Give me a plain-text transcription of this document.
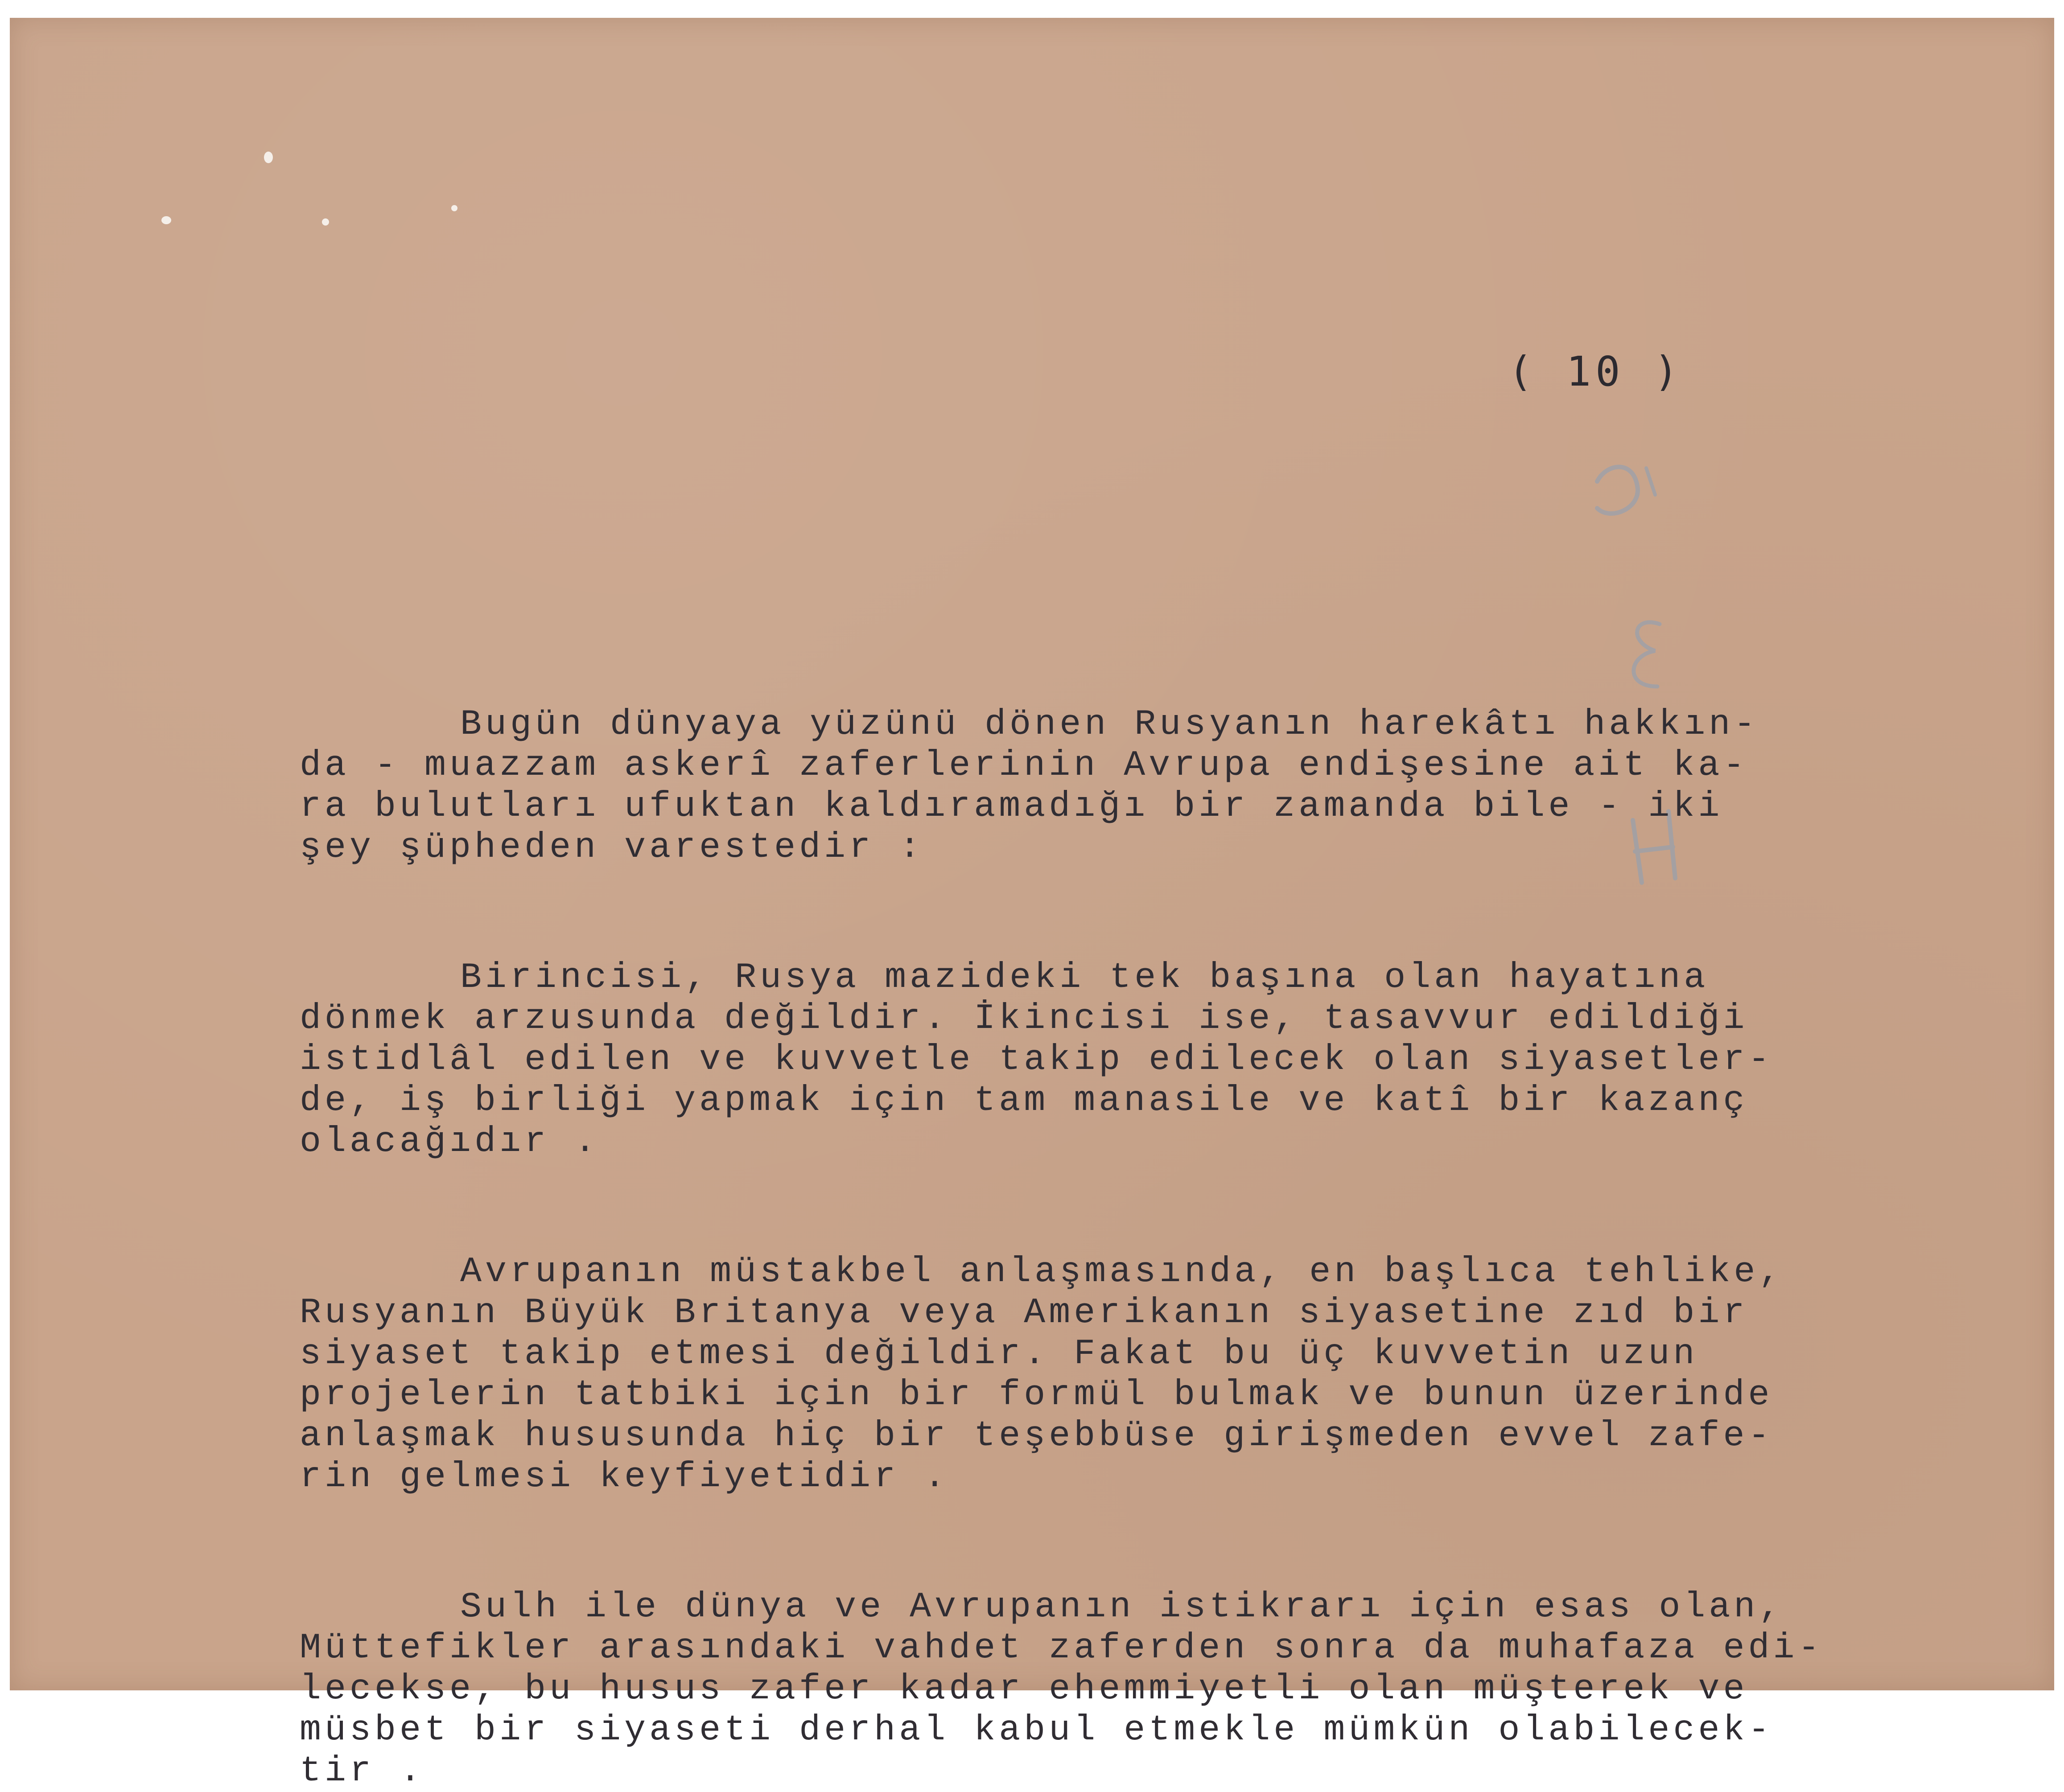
( 10 )

Bugün dünyaya yüzünü dönen Rusyanın harekâtı hakkın-
da - muazzam askerî zaferlerinin Avrupa endişesine ait ka-
ra bulutları ufuktan kaldıramadığı bir zamanda bile - iki
şey şüpheden varestedir :

Birincisi, Rusya mazideki tek başına olan hayatına
dönmek arzusunda değildir. İkincisi ise, tasavvur edildiği
istidlâl edilen ve kuvvetle takip edilecek olan siyasetler-
de, iş birliği yapmak için tam manasile ve katî bir kazanç
olacağıdır .

Avrupanın müstakbel anlaşmasında, en başlıca tehlike,
Rusyanın Büyük Britanya veya Amerikanın siyasetine zıd bir
siyaset takip etmesi değildir. Fakat bu üç kuvvetin uzun
projelerin tatbiki için bir formül bulmak ve bunun üzerinde
anlaşmak hususunda hiç bir teşebbüse girişmeden evvel zafe-
rin gelmesi keyfiyetidir .

Sulh ile dünya ve Avrupanın istikrarı için esas olan,
Müttefikler arasındaki vahdet zaferden sonra da muhafaza edi-
lecekse, bu husus zafer kadar ehemmiyetli olan müşterek ve
müsbet bir siyaseti derhal kabul etmekle mümkün olabilecek-
tir .
